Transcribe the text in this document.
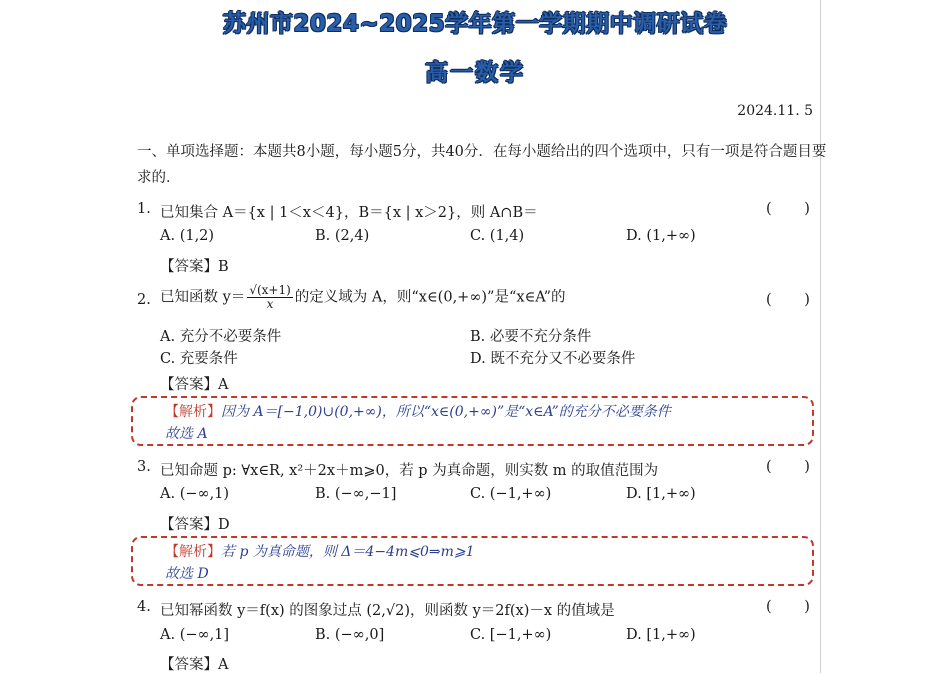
苏州市2024~2025学年第一学期期中调研试卷
高一数学
2024.11. 5
一、单项选择题：本题共8小题，每小题5分，共40分．在每小题给出的四个选项中，只有一项是符合题目要
求的．
1. 已知集合 A＝{x | 1＜x＜4}，B＝{x | x＞2}，则 A∩B＝	( )
A. (1,2)	B. (2,4)	C. (1,4)	D. (1,+∞)
【答案】B
2. 已知函数 $y= \frac{√(x+1)}{x}$ 的定义域为 A，则“x∈(0,+∞)”是“x∈A”的	( )
A. 充分不必要条件	B. 必要不充分条件
C. 充要条件	D. 既不充分又不必要条件
【答案】A
【解析】因为 A＝[−1,0)∪(0,+∞)，所以“x∈(0,+∞)”是“x∈A”的充分不必要条件
故选 A
3. 已知命题 p: ∀x∈R, x²＋2x＋m⩾0，若 p 为真命题，则实数 m 的取值范围为	( )
A. (−∞,1)	B. (−∞,−1]	C. (−1,+∞)	D. [1,+∞)
【答案】D
【解析】若 p 为真命题，则 Δ＝4−4m⩽0⇒m⩾1
故选 D
4. 已知幂函数 y＝f(x) 的图象过点 (2,√2)，则函数 y＝2f(x)－x 的值域是	( )
A. (−∞,1]	B. (−∞,0]	C. [−1,+∞)	D. [1,+∞)
【答案】A
